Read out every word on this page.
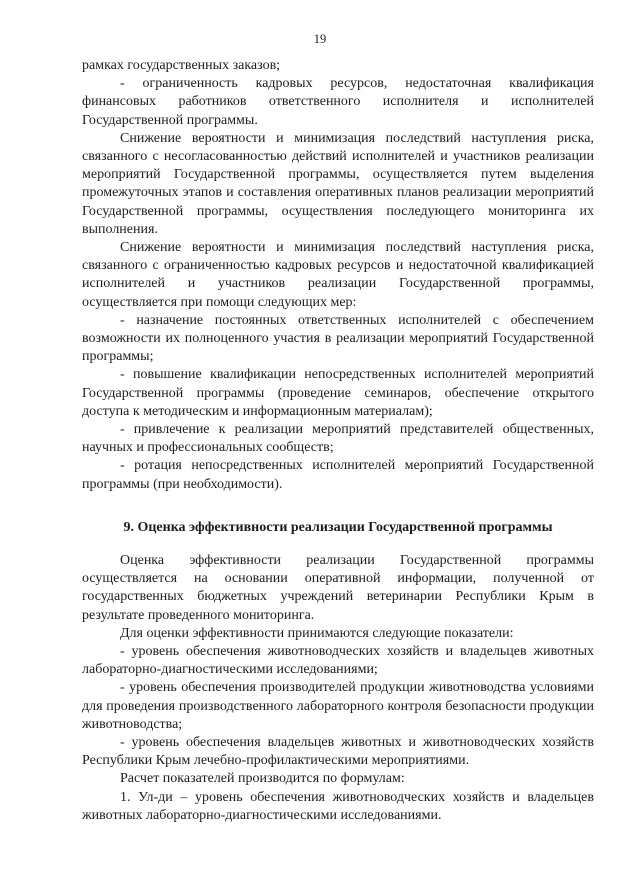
19

рамках государственных заказов;

- ограниченность кадровых ресурсов, недостаточная квалификация финансовых работников ответственного исполнителя и исполнителей Государственной программы.

Снижение вероятности и минимизация последствий наступления риска, связанного с несогласованностью действий исполнителей и участников реализации мероприятий Государственной программы, осуществляется путем выделения промежуточных этапов и составления оперативных планов реализации мероприятий Государственной программы, осуществления последующего мониторинга их выполнения.

Снижение вероятности и минимизация последствий наступления риска, связанного с ограниченностью кадровых ресурсов и недостаточной квалификацией исполнителей и участников реализации Государственной программы, осуществляется при помощи следующих мер:

- назначение постоянных ответственных исполнителей с обеспечением возможности их полноценного участия в реализации мероприятий Государственной программы;

- повышение квалификации непосредственных исполнителей мероприятий Государственной программы (проведение семинаров, обеспечение открытого доступа к методическим и информационным материалам);

- привлечение к реализации мероприятий представителей общественных, научных и профессиональных сообществ;

- ротация непосредственных исполнителей мероприятий Государственной программы (при необходимости).

9. Оценка эффективности реализации Государственной программы

Оценка эффективности реализации Государственной программы осуществляется на основании оперативной информации, полученной от государственных бюджетных учреждений ветеринарии Республики Крым в результате проведенного мониторинга.

Для оценки эффективности принимаются следующие показатели:

- уровень обеспечения животноводческих хозяйств и владельцев животных лабораторно-диагностическими исследованиями;

- уровень обеспечения производителей продукции животноводства условиями для проведения производственного лабораторного контроля безопасности продукции животноводства;

- уровень обеспечения владельцев животных и животноводческих хозяйств Республики Крым лечебно-профилактическими мероприятиями.

Расчет показателей производится по формулам:

1. Ул-ди – уровень обеспечения животноводческих хозяйств и владельцев животных лабораторно-диагностическими исследованиями.
